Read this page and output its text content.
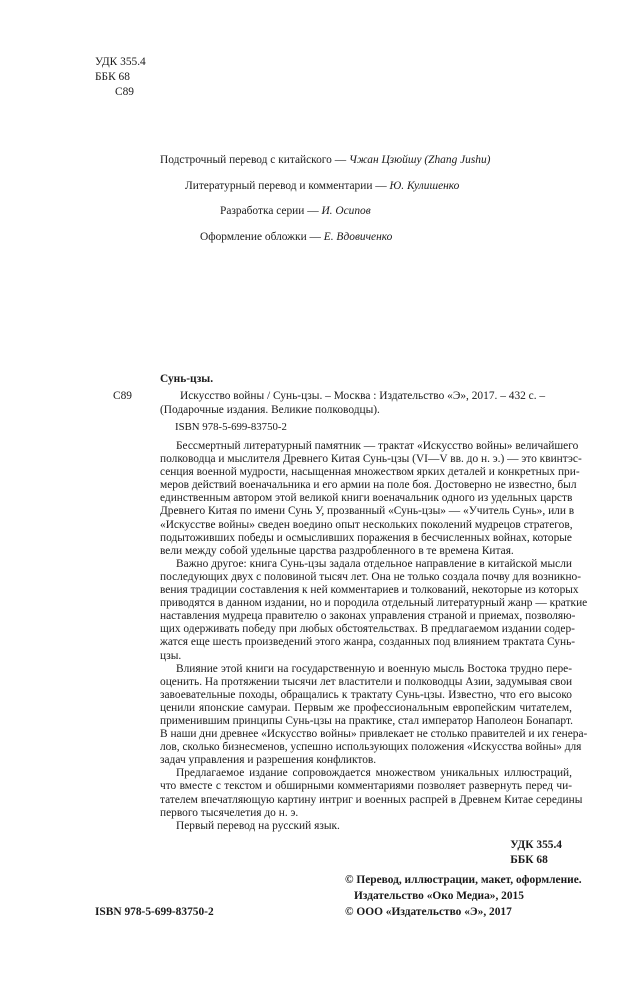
УДК 355.4
ББК 68
С89
Подстрочный перевод с китайского — Чжан Цзюйшу (Zhang Jushu)
Литературный перевод и комментарии — Ю. Кулишенко
Разработка серии — И. Осипов
Оформление обложки — Е. Вдовиченко
Сунь-цзы.
С89	Искусство войны / Сунь-цзы. – Москва : Издательство «Э», 2017. – 432 с. –
(Подарочные издания. Великие полководцы).
ISBN 978-5-699-83750-2
Бессмертный литературный памятник — трактат «Искусство войны» величайшего
полководца и мыслителя Древнего Китая Сунь-цзы (VI—V вв. до н. э.) — это квинтэс-
сенция военной мудрости, насыщенная множеством ярких деталей и конкретных при-
меров действий военачальника и его армии на поле боя. Достоверно не известно, был
единственным автором этой великой книги военачальник одного из удельных царств
Древнего Китая по имени Сунь У, прозванный «Сунь-цзы» — «Учитель Сунь», или в
«Искусстве войны» сведен воедино опыт нескольких поколений мудрецов стратегов,
подытоживших победы и осмысливших поражения в бесчисленных войнах, которые
вели между собой удельные царства раздробленного в те времена Китая.
Важно другое: книга Сунь-цзы задала отдельное направление в китайской мысли
последующих двух с половиной тысяч лет. Она не только создала почву для возникно-
вения традиции составления к ней комментариев и толкований, некоторые из которых
приводятся в данном издании, но и породила отдельный литературный жанр — краткие
наставления мудреца правителю о законах управления страной и приемах, позволяю-
щих одерживать победу при любых обстоятельствах. В предлагаемом издании содер-
жатся еще шесть произведений этого жанра, созданных под влиянием трактата Сунь-
цзы.
Влияние этой книги на государственную и военную мысль Востока трудно пере-
оценить. На протяжении тысячи лет властители и полководцы Азии, задумывая свои
завоевательные походы, обращались к трактату Сунь-цзы. Известно, что его высоко
ценили японские самураи. Первым же профессиональным европейским читателем,
применившим принципы Сунь-цзы на практике, стал император Наполеон Бонапарт.
В наши дни древнее «Искусство войны» привлекает не столько правителей и их генера-
лов, сколько бизнесменов, успешно использующих положения «Искусства войны» для
задач управления и разрешения конфликтов.
Предлагаемое издание сопровождается множеством уникальных иллюстраций,
что вместе с текстом и обширными комментариями позволяет развернуть перед чи-
тателем впечатляющую картину интриг и военных распрей в Древнем Китае середины
первого тысячелетия до н. э.
Первый перевод на русский язык.
УДК 355.4
ББК 68
© Перевод, иллюстрации, макет, оформление.
Издательство «Око Медиа», 2015
© ООО «Издательство «Э», 2017
ISBN 978-5-699-83750-2
